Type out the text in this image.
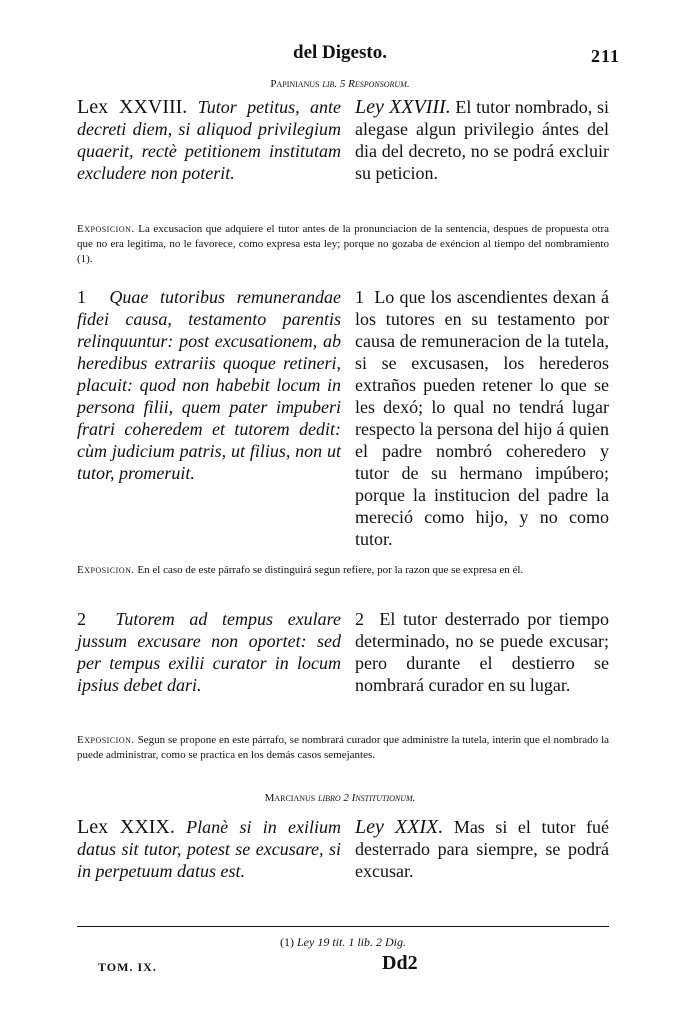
del Digesto.	211
Papinianus lib. 5 Responsorum.
Lex XXVIII. Tutor petitus, ante decreti diem, si aliquod privilegium quaerit, rectè petitionem institutam excludere non poterit.
Ley XXVIII. El tutor nombrado, si alegase algun privilegio ántes del dia del decreto, no se podrá excluir su peticion.
Exposicion. La excusacion que adquiere el tutor antes de la pronunciacion de la sentencia, despues de propuesta otra que no era legitima, no le favorece, como expresa esta ley; porque no gozaba de exéncion al tiempo del nombramiento (1).
1 Quae tutoribus remunerandae fidei causa, testamento parentis relinquuntur: post excusationem, ab heredibus extrariis quoque retineri, placuit: quod non habebit locum in persona filii, quem pater impuberi fratri coheredem et tutorem dedit: cùm judicium patris, ut filius, non ut tutor, promeruit.
1 Lo que los ascendientes dexan á los tutores en su testamento por causa de remuneracion de la tutela, si se excusasen, los herederos extraños pueden retener lo que se les dexó; lo qual no tendrá lugar respecto la persona del hijo á quien el padre nombró coheredero y tutor de su hermano impúbero; porque la institucion del padre la mereció como hijo, y no como tutor.
Exposicion. En el caso de este párrafo se distinguirá segun refiere, por la razon que se expresa en él.
2 Tutorem ad tempus exulare jussum excusare non oportet: sed per tempus exilii curator in locum ipsius debet dari.
2 El tutor desterrado por tiempo determinado, no se puede excusar; pero durante el destierro se nombrará curador en su lugar.
Exposicion. Segun se propone en este párrafo, se nombrará curador que administre la tutela, interin que el nombrado la puede administrar, como se practica en los demás casos semejantes.
Marcianus libro 2 Institutionum.
Lex XXIX. Planè si in exilium datus sit tutor, potest se excusare, si in perpetuum datus est.
Ley XXIX. Mas si el tutor fué desterrado para siempre, se podrá excusar.
(1) Ley 19 tit. 1 lib. 2 Dig.
TOM. IX.	Dd2
